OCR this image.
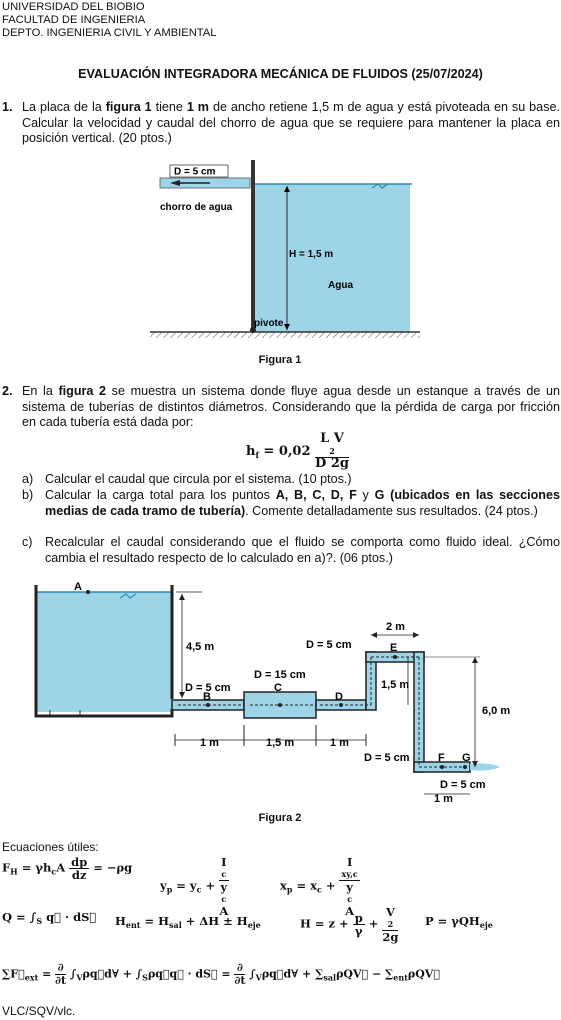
UNIVERSIDAD DEL BIOBIO
FACULTAD DE INGENIERIA
DEPTO. INGENIERIA CIVIL Y AMBIENTAL
EVALUACIÓN INTEGRADORA MECÁNICA DE FLUIDOS (25/07/2024)
1. La placa de la figura 1 tiene 1 m de ancho retiene 1,5 m de agua y está pivoteada en su base. Calcular la velocidad y caudal del chorro de agua que se requiere para mantener la placa en posición vertical. (20 ptos.)
D = 5 cm
chorro de agua
H = 1,5 m
Agua
pivote
Figura 1
2. En la figura 2 se muestra un sistema donde fluye agua desde un estanque a través de un sistema de tuberías de distintos diámetros. Considerando que la pérdida de carga por fricción en cada tubería está dada por:
$h_f = 0,02$ L V
2
D 2g
a) Calcular el caudal que circula por el sistema. (10 ptos.)
b) Calcular la carga total para los puntos A, B, C, D, F y G (ubicados en las secciones medias de cada tramo de tubería). Comente detalladamente sus resultados. (24 ptos.)
c) Recalcular el caudal considerando que el fluido se comporta como fluido ideal. ¿Cómo cambia el resultado respecto de lo calculado en a)?. (06 ptos.)
A
B
C
D
E
F G
4,5 m	D = 5 cm
2 m
D = 15 cm
D = 5 cm	1,5 m
6,0 m
1 m	1,5 m	1 m
D = 5 cm
D = 5 cm
1 m
Figura 2
Ecuaciones útiles:
$F_H = \gamma h_cA \frac{dp}{dz} = -\rho g$
$y_p = y_c + I$
c
y
c
A	$x_p = x_c + I$
xy,c
y
c
A
$Q = \int_S$ q⃗ · dS⃗ $H_{ent} = H_{sal} + \Delta H \pm H_{eje}$	$H = z + \frac{p}{\gamma} + V$
2
2g P = γQH$_{eje}$
$\sum F⃗_{ext} = \frac{\partial}{\partial t}$ $\int_V\rho q⃗d\forall$ + $\int_S\rho q⃗q⃗$ · dS⃗ = $\frac{\partial}{\partial t}$ $\int_V\rho q⃗d\forall$ + $\sum_{sal}\rho QV⃗$ − $\sum_{ent}\rho QV⃗$
VLC/SQV/vlc.
